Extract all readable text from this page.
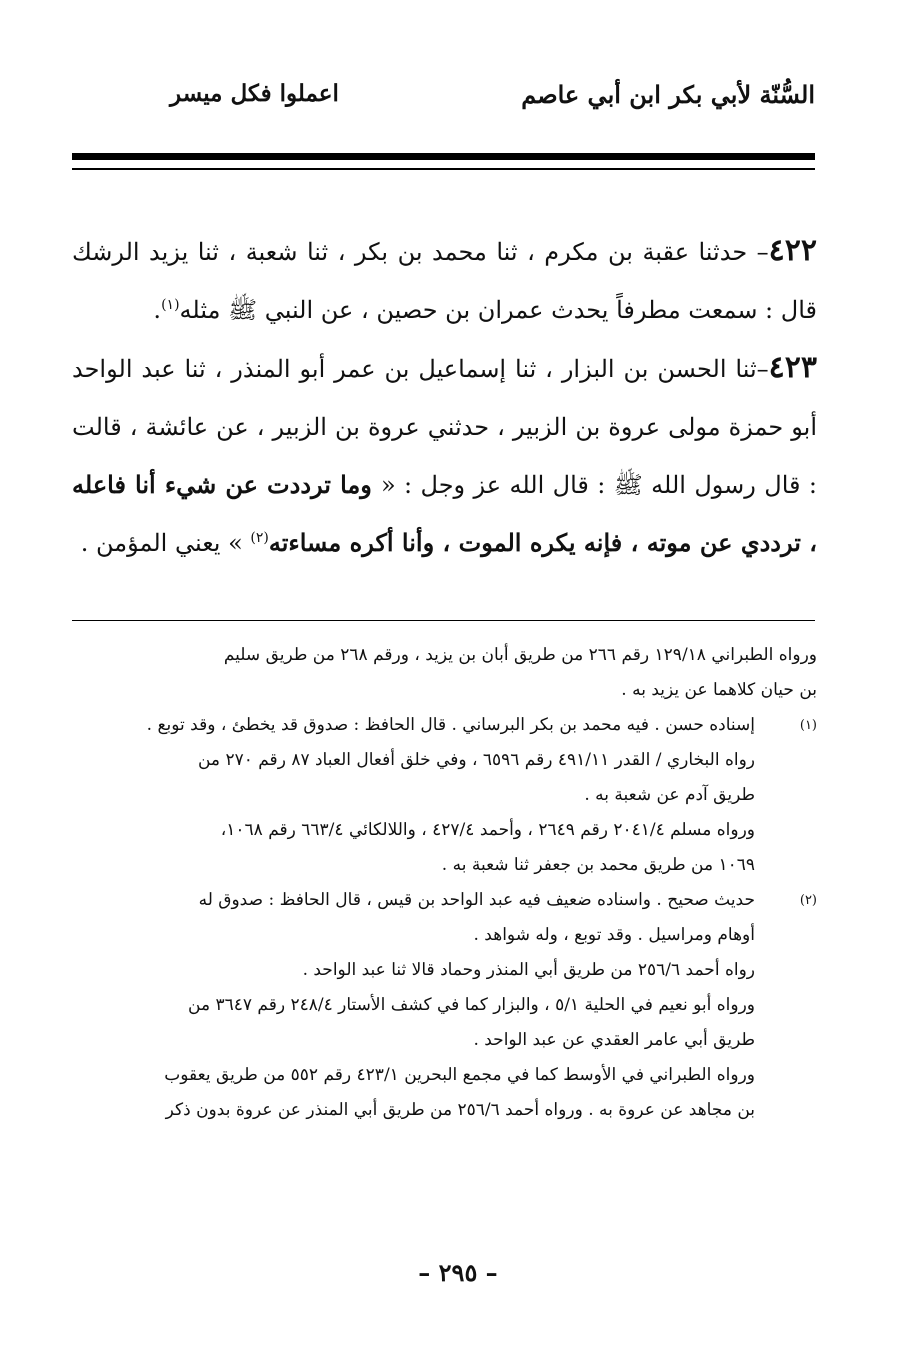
السُّنّة لأبي بكر ابن أبي عاصم
اعملوا فكل ميسر

٤٢٢– حدثنا عقبة بن مكرم ، ثنا محمد بن بكر ، ثنا شعبة ، ثنا يزيد الرشك قال : سمعت مطرفاً يحدث عمران بن حصين ، عن النبي ﷺ مثله$^{(١)}$.

٤٢٣–ثنا الحسن بن البزار ، ثنا إسماعيل بن عمر أبو المنذر ، ثنا عبد الواحد أبو حمزة مولى عروة بن الزبير ، حدثني عروة بن الزبير ، عن عائشة ، قالت : قال رسول الله ﷺ : قال الله عز وجل : « وما ترددت عن شيء أنا فاعله ، ترددي عن موته ، فإنه يكره الموت ، وأنا أكره مساءته$^{(٢)}$ » يعني المؤمن .

ورواه الطبراني ١٢٩/١٨ رقم ٢٦٦ من طريق أبان بن يزيد ، ورقم ٢٦٨ من طريق سليم
بن حيان كلاهما عن يزيد به .
(١)
إسناده حسن . فيه محمد بن بكر البرساني . قال الحافظ : صدوق قد يخطئ ، وقد توبع .
رواه البخاري / القدر ٤٩١/١١ رقم ٦٥٩٦ ، وفي خلق أفعال العباد ٨٧ رقم ٢٧٠ من
طريق آدم عن شعبة به .
ورواه مسلم ٢٠٤١/٤ رقم ٢٦٤٩ ، وأحمد ٤٢٧/٤ ، واللالكائي ٦٦٣/٤ رقم ١٠٦٨،
١٠٦٩ من طريق محمد بن جعفر ثنا شعبة به .
(٢)
حديث صحيح . واسناده ضعيف فيه عبد الواحد بن قيس ، قال الحافظ : صدوق له
أوهام ومراسيل . وقد توبع ، وله شواهد .
رواه أحمد ٢٥٦/٦ من طريق أبي المنذر وحماد قالا ثنا عبد الواحد .
ورواه أبو نعيم في الحلية ٥/١ ، والبزار كما في كشف الأستار ٢٤٨/٤ رقم ٣٦٤٧ من
طريق أبي عامر العقدي عن عبد الواحد .
ورواه الطبراني في الأوسط كما في مجمع البحرين ٤٢٣/١ رقم ٥٥٢ من طريق يعقوب
بن مجاهد عن عروة به . ورواه أحمد ٢٥٦/٦ من طريق أبي المنذر عن عروة بدون ذكر
– ٢٩٥ –
